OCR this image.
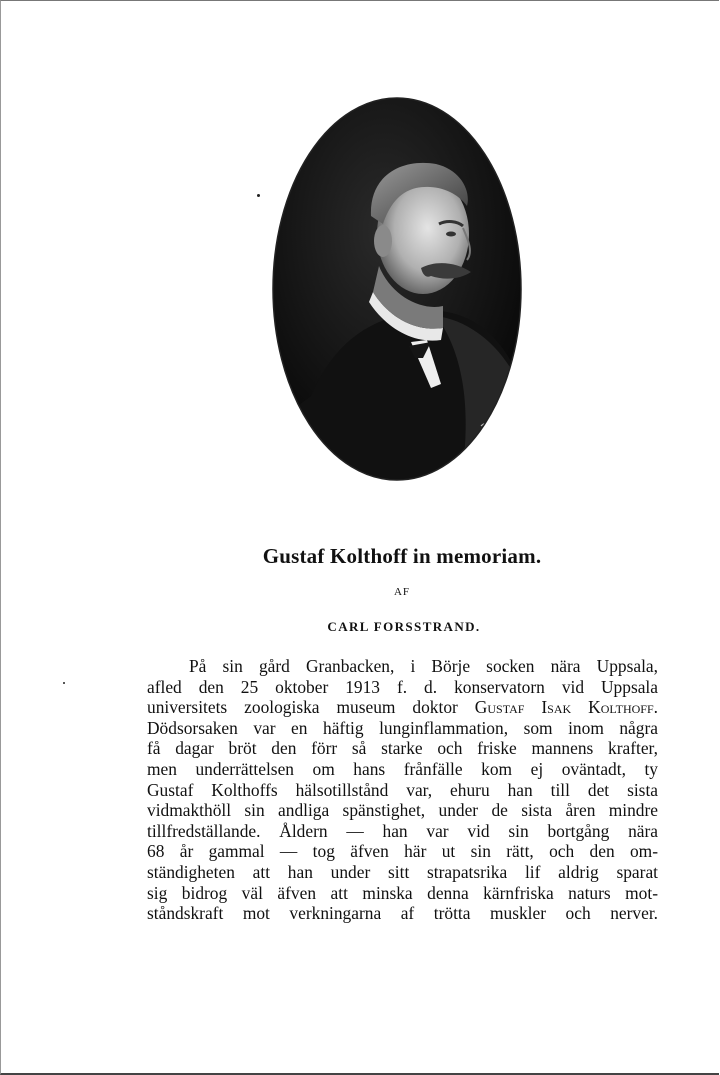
Gustaf Kolthoff in memoriam.
AF
CARL FORSSTRAND.
På sin gård Granbacken, i Börje socken nära Uppsala,
afled den 25 oktober 1913 f. d. konservatorn vid Uppsala
universitets zoologiska museum doktor Gustaf Isak Kolthoff.
Dödsorsaken var en häftig lunginflammation, som inom några
få dagar bröt den förr så starke och friske mannens krafter,
men underrättelsen om hans frånfälle kom ej oväntadt, ty
Gustaf Kolthoffs hälsotillstånd var, ehuru han till det sista
vidmakthöll sin andliga spänstighet, under de sista åren mindre
tillfredställande. Åldern — han var vid sin bortgång nära
68 år gammal — tog äfven här ut sin rätt, och den om-
ständigheten att han under sitt strapatsrika lif aldrig sparat
sig bidrog väl äfven att minska denna kärnfriska naturs mot-
ståndskraft mot verkningarna af trötta muskler och nerver.
